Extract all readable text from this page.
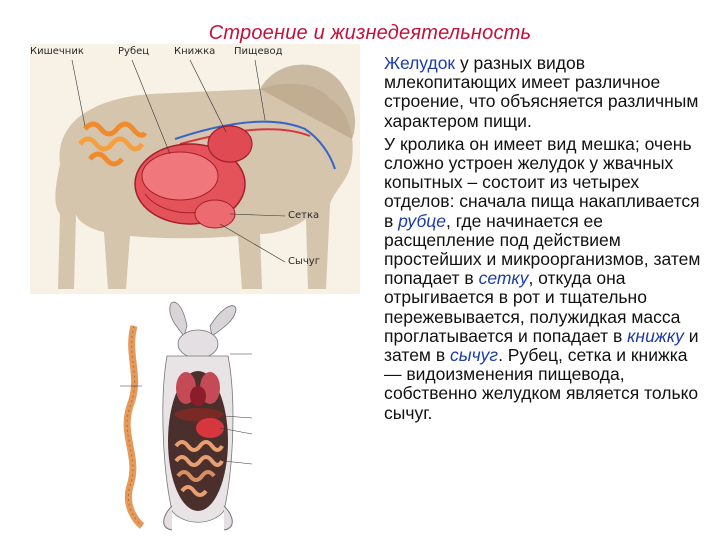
Строение и жизнедеятельность
Кишечник	Рубец Книжка Пищевод
Сетка
Сычуг

Желудок у разных видов млекопитающих имеет различное строение, что объясняется различным характером пищи.

У кролика он имеет вид мешка; очень сложно устроен желудок у жвачных копытных – состоит из четырех отделов: сначала пища накапливается в рубце, где начинается ее расщепление под действием простейших и микроорганизмов, затем попадает в сетку, откуда она отрыгивается в рот и тщательно пережевывается, полужидкая масса проглатывается и попадает в книжку и затем в сычуг. Рубец, сетка и книжка — видоизменения пищевода, собственно желудком является только сычуг.
